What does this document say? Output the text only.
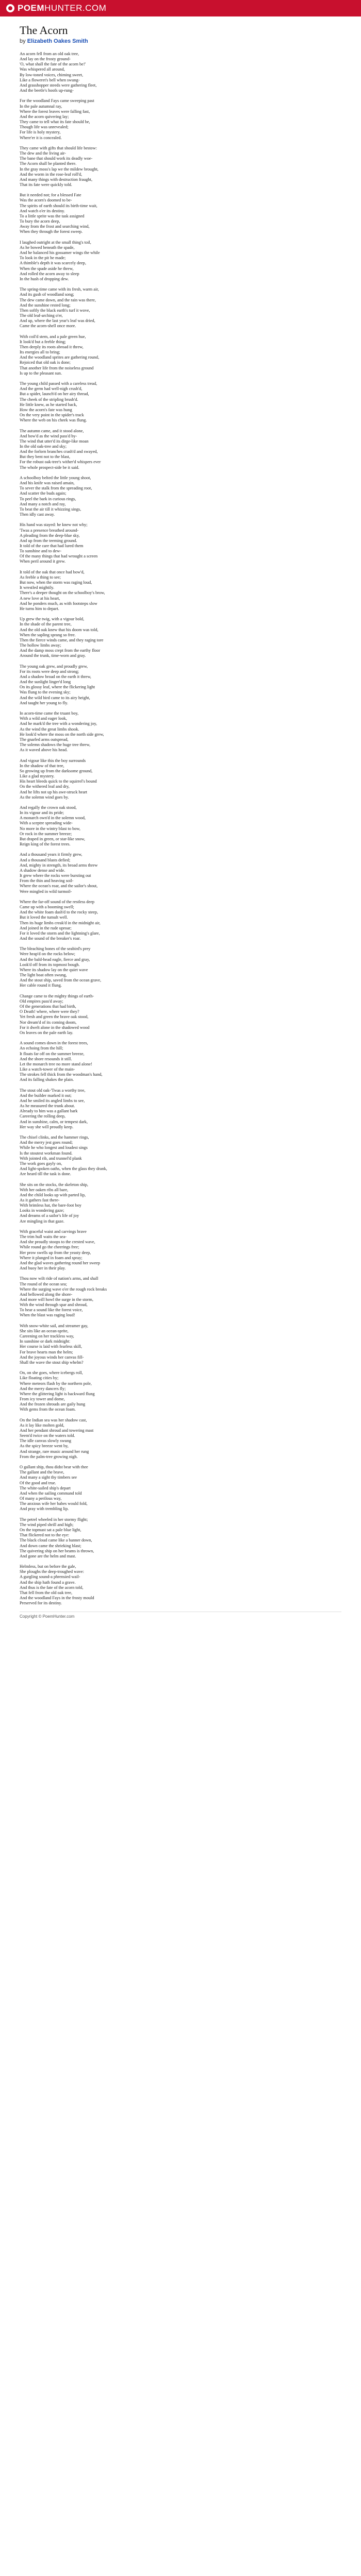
POEM HUNTER.COM
The Acorn

by Elizabeth Oakes Smith

An acorn fell from an old oak tree,
And lay on the frosty ground-
'O, what shall the fate of the acorn be!'
Was whispered all around,
By low-toned voices, chiming sweet,
Like a floweret's bell when swung-
And grasshopper steeds were gathering fleet,
And the beetle's hoofs up-rung-
For the woodland Fays came sweeping past
In the pale autumnal ray,
Where the forest leaves were falling fast,
And the acorn quivering lay;
They came to tell what its fate should be,
Though life was unrevealed;
For life is holy mystery,
Where'er it is concealed.
They came with gifts that should life bestow:
The dew and the living air-
The bane that should work its deadly woe-
The Acorn shall be planted there.
In the gray moss's lap we the mildew brought,
And the worm in the rose-leaf roll'd,
And many things with destruction fraught,
That its fate were quickly told.
But it needed not; for a blessed Fate
Was the acorn's doomed to be-
The spirits of earth should its birth-time wait,
And watch o'er its destiny.
To a little sprite was the task assigned
To bury the acorn deep,
Away from the frost and searching wind,
When they through the forest sweep.
I laughed outright at the small thing's toil,
As he bowed beneath the spade,
And he balanced his gossamer wings the while
To look in the pit he made;
A thimble's depth it was scarcely deep,
When the spade aside he threw,
And rolled the acorn away to sleep
In the hush of dropping dew.
The spring-time came with its fresh, warm air,
And its gush of woodland song;
The dew came down, and the rain was there,
And the sunshine rested long;
Then softly the black earth's turf it wove,
The old leaf-arching o'er,
And up, where the last year's leaf was dried,
Came the acorn-shell once more.
With coil'd stem, and a pale green hue,
It look'd but a feeble thing;
Then deeply its roots abroad it threw,
Its energies all to bring;
And the woodland sprites are gathering round,
Rejoiced that old oak is done;
That another life from the noiseless ground
Is up to the pleasant sun.
The young child passed with a careless tread,
And the germ had well-nigh crush'd,
But a spider, launch'd on her airy thread,
The cheek of the stripling brush'd.
He little knew, as he started back,
How the acorn's fate was hung
On the very point in the spider's track
Where the web on his cheek was flung.
The autumn came, and it stood alone,
And bow'd as the wind pass'd by-
The wind that utter'd its dirge-like moan
In the old oak-tree and sky;
And the forlorn branches crash'd and swayed,
But they bent not to the blast,
For the robust oak-tree's wither'd whispers ever
The whole prospect-side be it said.
A schoolboy belted the little young shoot,
And his knife was raised amain,
To sever the stalk from the spreading root,
And scatter the buds again;
To peel the bark in curious rings,
And many a notch and ray,
To beat the air till it whizzing sings,
Then idly cast away.
His hand was stayed: he knew not why;
'Twas a presence breathed around-
A pleading from the deep-blue sky,
And up from the teeming ground.
It told of the care that had lured them
To sunshine and to dew-
Of the many things that had wrought a screen
When peril around it grew.
It told of the oak that once had bow'd,
As feeble a thing to see;
But now, when the storm was raging loud,
It wrestled mightily.
There's a deeper thought on the schoolboy's brow,
A new love at his heart,
And he ponders much, as with footsteps slow
He turns him to depart.
Up grew the twig, with a vigour bold,
In the shade of the parent tree,
And the old oak knew that his doom was told,
When the sapling sprang so free.
Then the fierce winds came, and they raging tore
The hollow limbs away;
And the damp moss crept from the earthy floor
Around the trunk, time-worn and gray.
The young oak grew, and proudly grew,
For its roots were deep and strong;
And a shadow broad on the earth it threw,
And the sunlight linger'd long
On its glossy leaf, where the flickering light
Was flung to the evening sky;
And the wild bird came to its airy height,
And taught her young to fly.
In acorn-time came the truant boy,
With a wild and eager look,
And he mark'd the tree with a wondering joy,
As the wind the great limbs shook.
He look'd where the moss on the north side grew,
The gnarled arms outspread,
The solemn shadows the huge tree threw,
As it waved above his head.
And vigour like this the boy surrounds
In the shadow of that tree,
So growing up from the darksome ground,
Like a glad mystery.
His heart bleeds quick to the squirrel's bound
On the withered leaf and dry,
And he lifts not up his awe-struck heart
As the solemn wind goes by.
And regally the crown oak stood,
In its vigour and its pride;
A monarch own'd in the solemn wood,
With a sceptre spreading wide-
No more in the wintry blast to bow,
Or rock in the summer breeze;
But draped in green, or star-like snow,
Reign king of the forest trees.
And a thousand years it firmly grew,
And a thousand blasts defied;
And, mighty in strength, its broad arms threw
A shadow dense and wide.
It grew where the rocks were bursting out
From the thin and heaving soil-
Where the ocean's roar, and the sailor's shout,
Were mingled in wild turmoil-
Where the far-off sound of the restless deep
Came up with a booming swell;
And the white foam dash'd to the rocky steep,
But it loved the tumult well.
Then its huge limbs creak'd in the midnight air,
And joined in the rude uproar;
For it loved the storm and the lightning's glare,
And the sound of the breaker's roar.
The bleaching bones of the seabird's prey
Were heap'd on the rocks below;
And the bald-head eagle, fierce and gray,
Look'd off from its topmost bough.
Where its shadow lay on the quiet wave
The light boat often swung,
And the stout ship, saved from the ocean grave,
Her cable round it flung.
Change came to the mighty things of earth-
Old empires pass'd away;
Of the generations that had birth,
O Death! where, where were they?
Yet fresh and green the brave oak stood,
Nor dream'd of its coming doom,
For it dwelt alone in the shadowed wood
On leaves on the pale earth lay.
A sound comes down in the forest trees,
An echoing from the hill;
It floats far off on the summer breeze,
And the shore resounds it still.
Let the monarch tree no more stand alone!
Like a watch-tower of the main-
The strokes fell thick from the woodman's hand,
And its falling shakes the plain.
The stout old oak-'Twas a worthy tree,
And the builder marked it out;
And he smiled its angled limbs to see,
As he measured the trunk about.
Already to him was a gallant bark
Careering the rolling deep,
And in sunshine, calm, or tempest dark,
Her way she will proudly keep.
The chisel clinks, and the hammer rings,
And the merry jest goes round;
While he who longest and loudest sings
Is the stoutest workman found.
With jointed rib, and trunnel'd plank
The work goes gayly on,
And light-spoken oaths, when the glass they drank,
Are heard till the task is done.
She sits on the stocks, the skeleton ship,
With her oaken ribs all bare,
And the child looks up with parted lip,
As it gathers fast there-
With brimless hat, the bare-foot boy
Looks in wondering gaze;
And dreams of a sailor's life of joy
Are mingling in that gaze.
With graceful waist and carvings brave
The trim hull waits the sea-
And she proudly stoops to the crested wave,
While round go the cheerings free;
Her prow swells up from the yeasty deep,
Where it plunged in foam and spray;
And the glad waves gathering round her sweep
And buoy her in their play.
Thou now wilt ride of nation's arms, and shall
The round of the ocean sea;
Where the surging wave o'er the rough rock breaks
And bellowed along the shore-
And more will howl the surge in the storm,
With the wind through spar and shroud,
To hear a sound like the forest voice,
When the blast was raging loud!
With snow-white sail, and streamer gay,
She sits like an ocean-sprite,
Careening on her trackless way,
In sunshine or dark midnight:
Her course is laid with fearless skill,
For brave hearts man the helm;
And the joyous winds her canvas fill-
Shall the wave the stout ship whelm?
On, on she goes, where icebergs roll,
Like floating cities by;
Where meteors flash by the northern pole,
And the merry dancers fly;
Where the glittering light is backward flung
From icy tower and dome,
And the frozen shrouds are gaily hung
With gems from the ocean foam.
On the Indian sea was her shadow cast,
As it lay like molten gold,
And her pendant shroud and towering mast
Seem'd twice on the waters told.
The idle canvas slowly swung
As the spicy breeze went by,
And strange, rare music around her rung
From the palm-tree growing nigh.
O gallant ship, thou didst bear with thee
The gallant and the brave,
And many a sight thy timbers see
Of the good and true.
The white-sailed ship's depart
And when the sailing command told
Of many a perilous way,
The anxious wife her babes would fold,
And pray with trembling lip.
The petrel wheeled in her stormy flight;
The wind piped shrill and high;
On the topmast sat a pale blue light,
That flickered not to the eye:
The black cloud came like a banner down,
And down came the shrieking blast;
The quivering ship on her beams is thrown,
And gone are the helm and mast.
Helmless, but on before the gale,
She ploughs the deep-troughed wave:
A gurgling sound-a phrensied wail-
And the ship hath found a grave.
And thus is the fate of the acorn told,
That fell from the old oak tree,
And the woodland Fays in the frosty mould
Preserved for its destiny.
Copyright © PoemHunter.com
